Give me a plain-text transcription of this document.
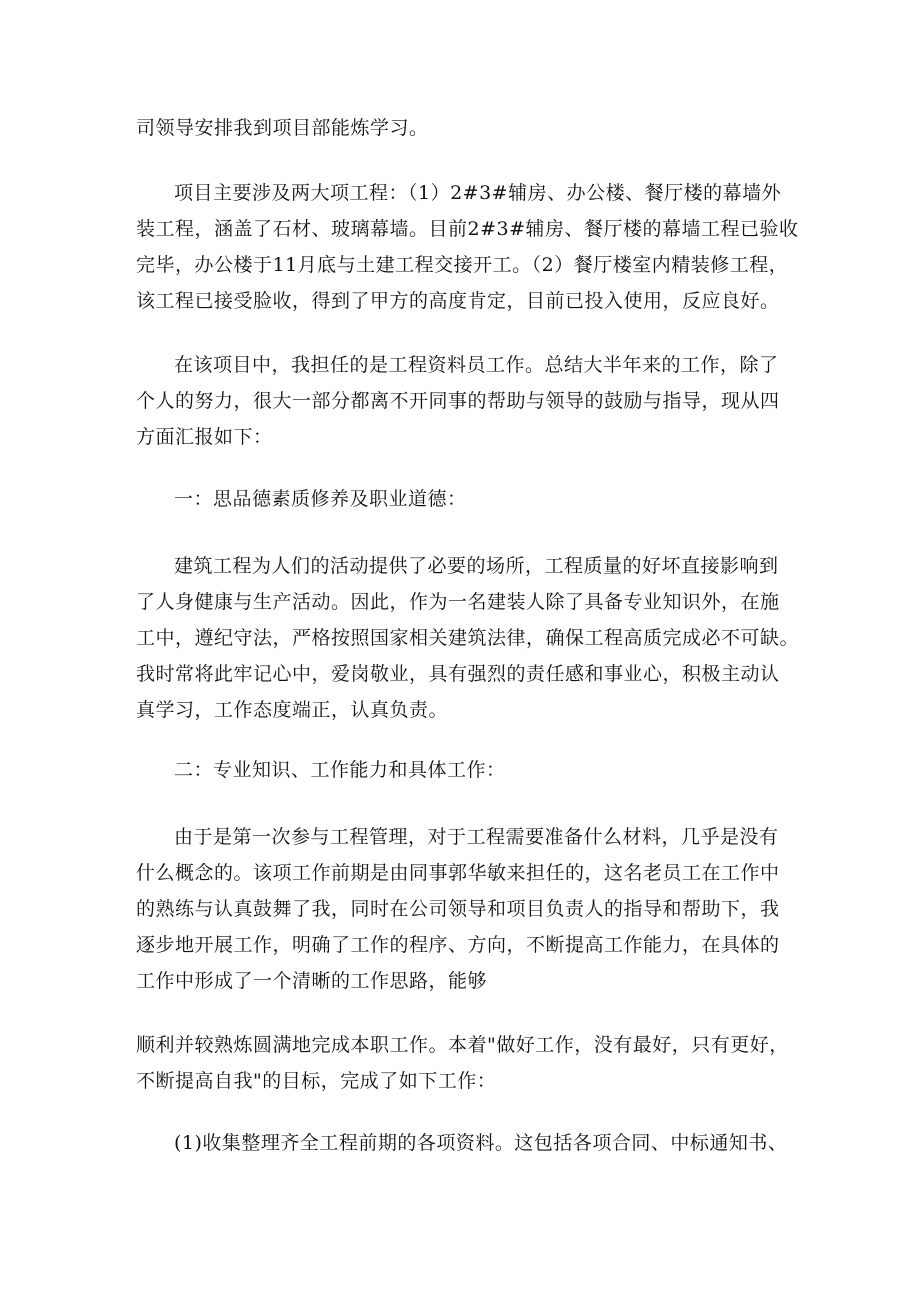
司领导安排我到项目部能炼学习。
项目主要涉及两大项工程：（1）2#3#辅房、办公楼、餐厅楼的幕墙外
装工程，涵盖了石材、玻璃幕墙。目前2#3#辅房、餐厅楼的幕墙工程已验收
完毕，办公楼于11月底与土建工程交接开工。（2）餐厅楼室内精装修工程，
该工程已接受脸收，得到了甲方的高度肯定，目前已投入使用，反应良好。
在该项目中，我担任的是工程资料员工作。总结大半年来的工作，除了
个人的努力，很大一部分都离不开同事的帮助与领导的鼓励与指导，现从四
方面汇报如下：
一：思品德素质修养及职业道德：
建筑工程为人们的活动提供了必要的场所，工程质量的好坏直接影响到
了人身健康与生产活动。因此，作为一名建装人除了具备专业知识外，在施
工中，遵纪守法，严格按照国家相关建筑法律，确保工程高质完成必不可缺。
我时常将此牢记心中，爱岗敬业，具有强烈的责任感和事业心，积极主动认
真学习，工作态度端正，认真负责。
二：专业知识、工作能力和具体工作：
由于是第一次参与工程管理，对于工程需要准备什么材料，几乎是没有
什么概念的。该项工作前期是由同事郭华敏来担任的，这名老员工在工作中
的熟练与认真鼓舞了我，同时在公司领导和项目负责人的指导和帮助下，我
逐步地开展工作，明确了工作的程序、方向，不断提高工作能力，在具体的
工作中形成了一个清晰的工作思路，能够
顺利并较熟炼圆满地完成本职工作。本着"做好工作，没有最好，只有更好，
不断提高自我"的目标，完成了如下工作：
(1)收集整理齐全工程前期的各项资料。这包括各项合同、中标通知书、
